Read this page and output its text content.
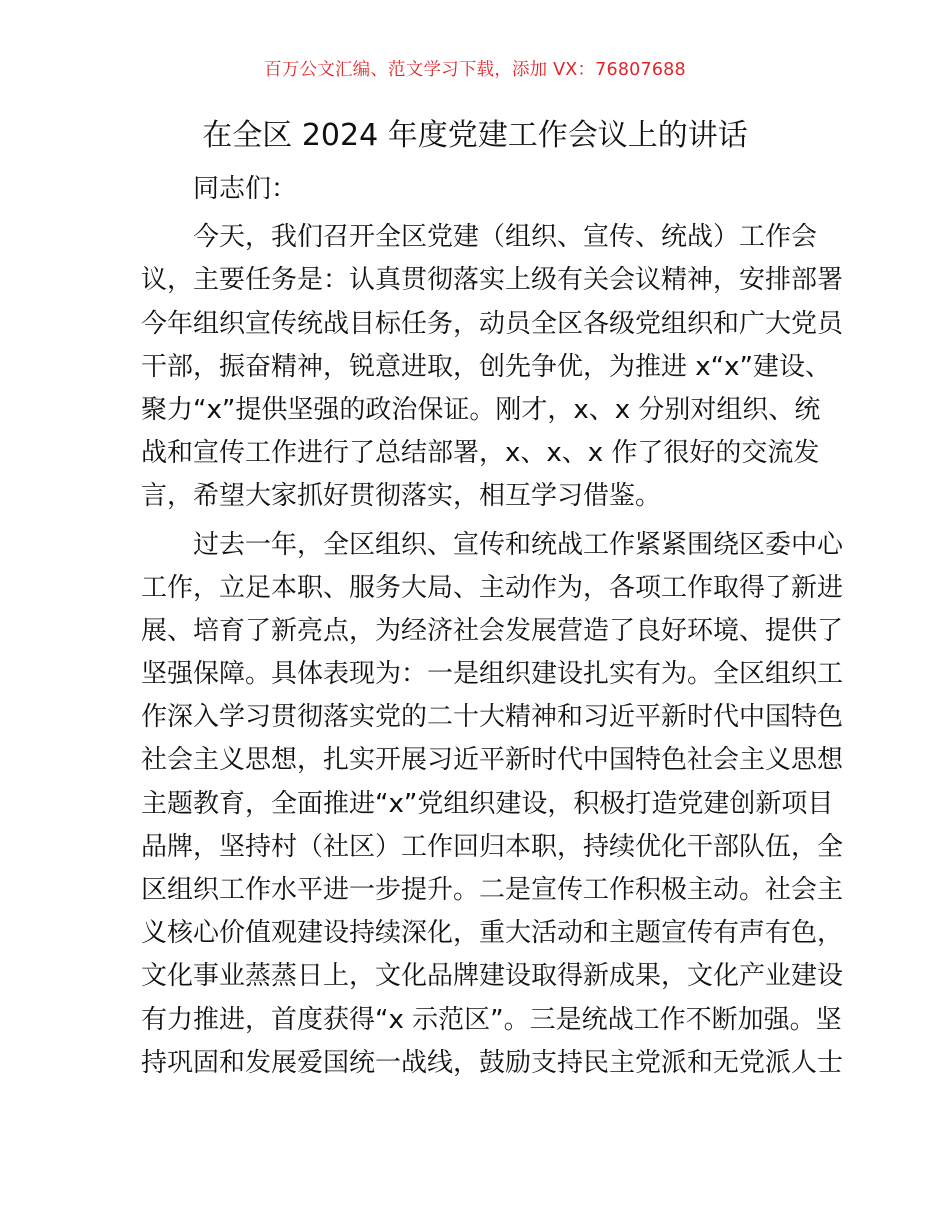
百万公文汇编、范文学习下载，添加 VX：76807688
在全区 2024 年度党建工作会议上的讲话
同志们：
今天，我们召开全区党建（组织、宣传、统战）工作会
议，主要任务是：认真贯彻落实上级有关会议精神，安排部署
今年组织宣传统战目标任务，动员全区各级党组织和广大党员
干部，振奋精神，锐意进取，创先争优，为推进 x“x”建设、
聚力“x”提供坚强的政治保证。刚才，x、x 分别对组织、统
战和宣传工作进行了总结部署，x、x、x 作了很好的交流发
言，希望大家抓好贯彻落实，相互学习借鉴。
过去一年，全区组织、宣传和统战工作紧紧围绕区委中心
工作，立足本职、服务大局、主动作为，各项工作取得了新进
展、培育了新亮点，为经济社会发展营造了良好环境、提供了
坚强保障。具体表现为：一是组织建设扎实有为。全区组织工
作深入学习贯彻落实党的二十大精神和习近平新时代中国特色
社会主义思想，扎实开展习近平新时代中国特色社会主义思想
主题教育，全面推进“x”党组织建设，积极打造党建创新项目
品牌，坚持村（社区）工作回归本职，持续优化干部队伍，全
区组织工作水平进一步提升。二是宣传工作积极主动。社会主
义核心价值观建设持续深化，重大活动和主题宣传有声有色，
文化事业蒸蒸日上，文化品牌建设取得新成果，文化产业建设
有力推进，首度获得“x 示范区”。三是统战工作不断加强。坚
持巩固和发展爱国统一战线，鼓励支持民主党派和无党派人士
